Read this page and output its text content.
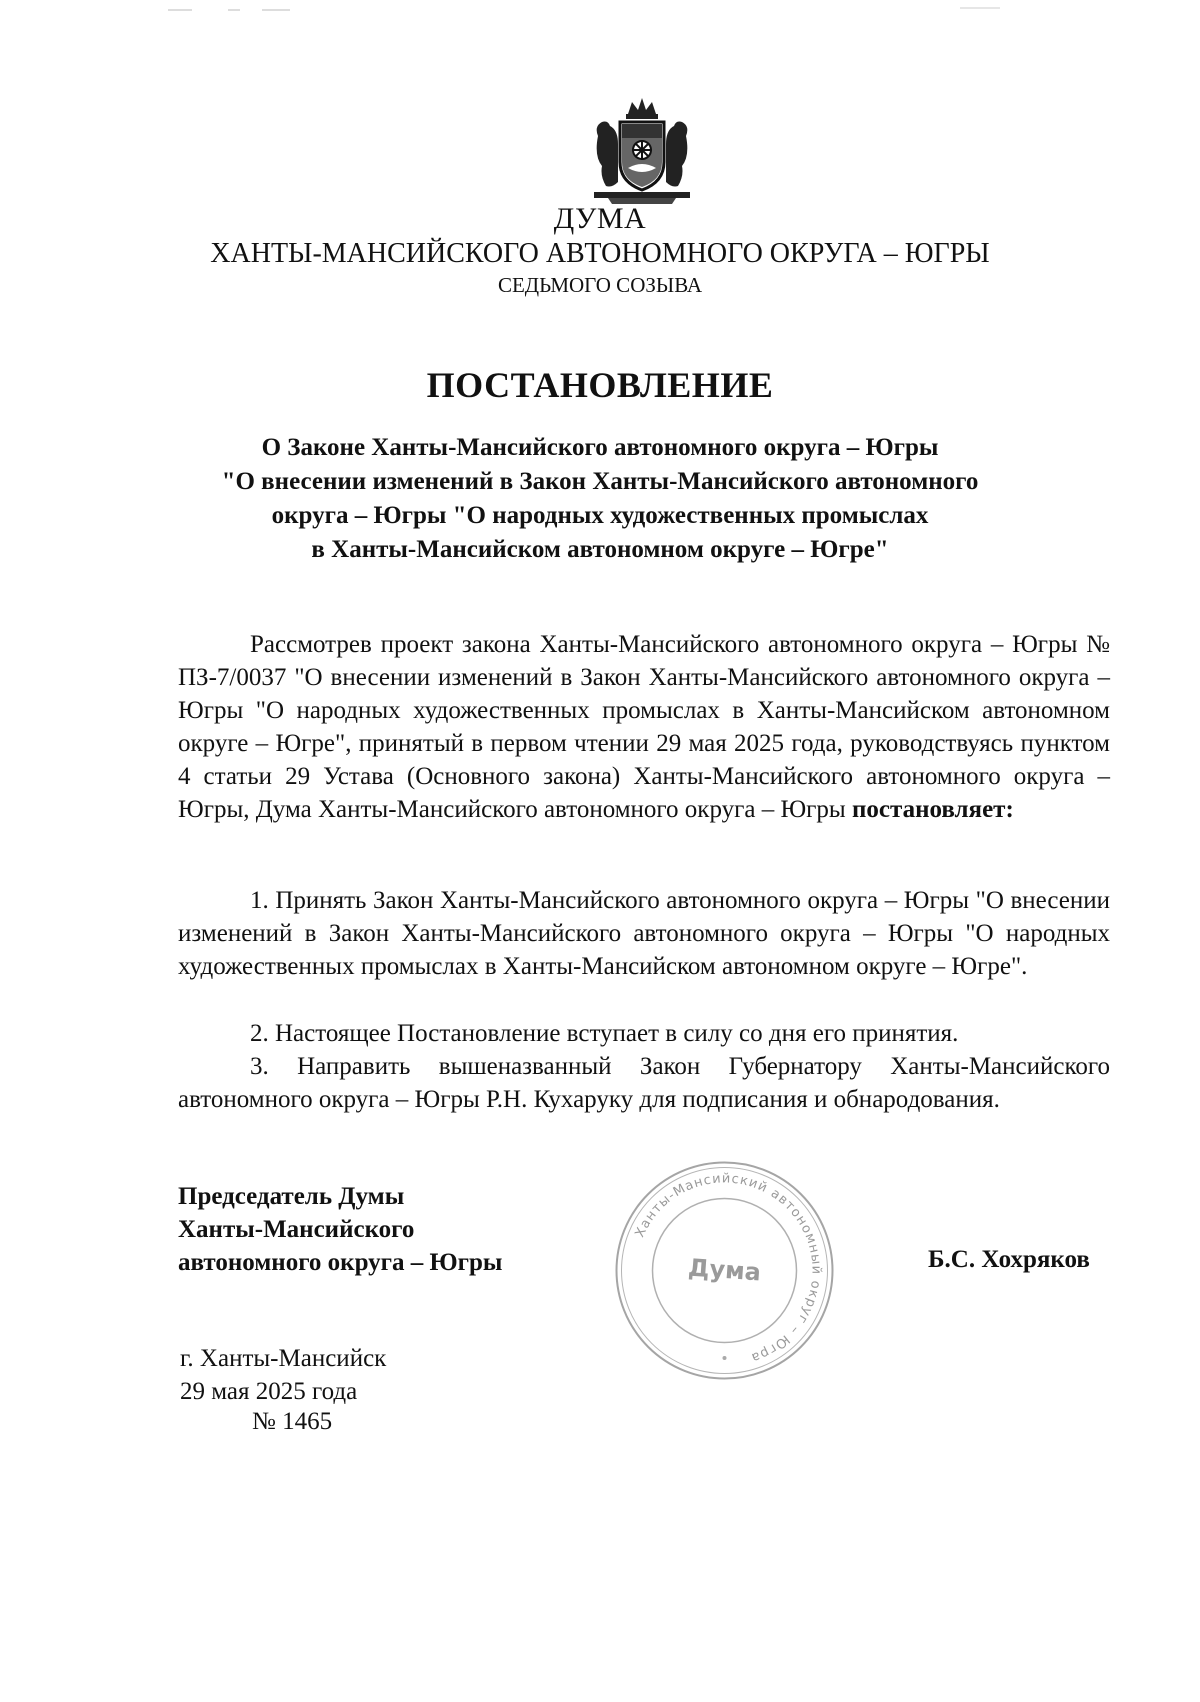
ДУМА
ХАНТЫ-МАНСИЙСКОГО АВТОНОМНОГО ОКРУГА – ЮГРЫ
СЕДЬМОГО СОЗЫВА
ПОСТАНОВЛЕНИЕ
О Законе Ханты-Мансийского автономного округа – Югры
"О внесении изменений в Закон Ханты-Мансийского автономного
округа – Югры "О народных художественных промыслах
в Ханты-Мансийском автономном округе – Югре"
Рассмотрев проект закона Ханты-Мансийского автономного округа – Югры № ПЗ-7/0037 "О внесении изменений в Закон Ханты-Мансийского автономного округа – Югры "О народных художественных промыслах в Ханты-Мансийском автономном округе – Югре", принятый в первом чтении 29 мая 2025 года, руководствуясь пунктом 4 статьи 29 Устава (Основного закона) Ханты-Мансийского автономного округа – Югры, Дума Ханты-Мансийского автономного округа – Югры постановляет:
1. Принять Закон Ханты-Мансийского автономного округа – Югры "О внесении изменений в Закон Ханты-Мансийского автономного округа – Югры "О народных художественных промыслах в Ханты-Мансийском автономном округе – Югре".
2. Настоящее Постановление вступает в силу со дня его принятия.
3. Направить вышеназванный Закон Губернатору Ханты-Мансийского автономного округа – Югры Р.Н. Кухаруку для подписания и обнародования.
Председатель Думы
Ханты-Мансийского
автономного округа – Югры
Ханты-Мансийский автономный округ – Югра
Дума	Б.С. Хохряков
г. Ханты-Мансийск
29 мая 2025 года
№ 1465
